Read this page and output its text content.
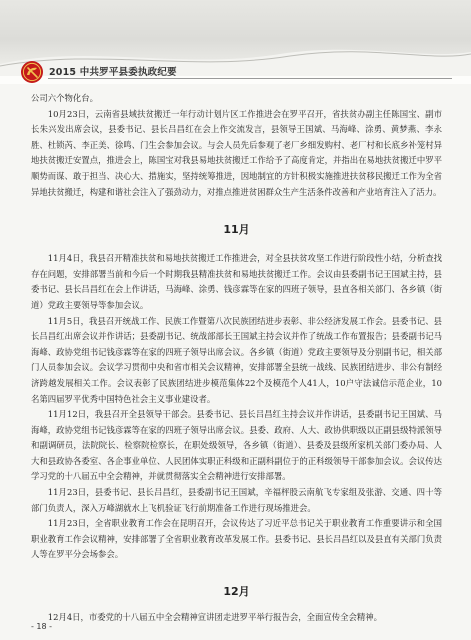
2015 中共罗平县委执政纪要

公司六个物化台。

10月23日，云南省县域扶贫搬迁一年行动计划片区工作推进会在罗平召开，省扶贫办副主任陈国宝、副市长朱兴发出席会议，县委书记、县长吕昌红在会上作交流发言，县领导王国斌、马海峰、涂勇、黄梦燕、李永胜、杜锁芮、李正美、徐鸣、门生会参加会议。与会人员先后参观了老厂乡细发购村、老厂村和长底乡补笼村异地扶贫搬迁安置点，推进会上，陈国宝对我县易地扶贫搬迁工作给予了高度肯定，并指出在易地扶贫搬迁中罗平顺势而谋、敢于担当、决心大、措施实，坚持统筹推进，因地制宜的方针积极实施推进扶贫移民搬迁工作为全省异地扶贫搬迁，构建和谐社会注入了强劲动力，对推点推进贫困群众生产生活条件改善和产业培育注入了活力。

11月

11月4日，我县召开精准扶贫和易地扶贫搬迁工作推进会，对全县扶贫攻坚工作进行阶段性小结，分析查找存在问题，安排部署当前和今后一个时期我县精准扶贫和易地扶贫搬迁工作。会议由县委副书记王国斌主持，县委书记、县长吕昌红在会上作讲话，马海峰、涂勇、钱彦霖等在家的四班子领导，县直各相关部门、各乡镇（街道）党政主要领导等参加会议。

11月5日，我县召开统战工作、民族工作暨第八次民族团结进步表彰、非公经济发展工作会。县委书记、县长吕昌红出席会议并作讲话；县委副书记、统战部部长王国斌主持会议并作了统战工作布置报告；县委副书记马海峰、政协党组书记钱彦霖等在家的四班子领导出席会议。各乡镇（街道）党政主要领导及分别副书记，相关部门人员参加会议。会议学习贯彻中央和省市相关会议精神，安排部署全县统一战线、民族团结进步、非公有制经济跨越发展相关工作。会议表彰了民族团结进步模范集体22个及模范个人41人，10户守法诚信示范企业，10名第四届罗平优秀中国特色社会主义事业建设者。

11月12日，我县召开全县领导干部会。县委书记、县长吕昌红主持会议并作讲话，县委副书记王国斌、马海峰，政协党组书记钱彦霖等在家的四班子领导出席会议。县委、政府、人大、政协供职级以正副县级特派领导和副调研员，法院院长、检察院检察长，在职处级领导，各乡镇（街道）、县委及县级所家机关部门委办局、人大和县政协各委室、各企事业单位、人民团体实职正科级和正副科副位于的正科级领导干部参加会议。会议传达学习党的十八届五中全会精神，并就贯彻落实全会精神进行安排部署。

11月23日，县委书记、县长吕昌红，县委副书记王国斌，辛福枰股云南航飞专家组及张游、交通、四十等部门负责人，深入万峰湖就水上飞机验证飞行前期准备工作进行现场推进会。

11月23日，全省职业教育工作会在昆明召开，会议传达了习近平总书记关于职业教育工作重要讲示和全国职业教育工作会议精神，安排部署了全省职业教育改革发展工作。县委书记、县长吕昌红以及县直有关部门负责人等在罗平分会场参会。

12月

12月4日，市委党的十八届五中全会精神宣讲团走进罗平举行报告会，全面宣传全会精神。

- 18 -
